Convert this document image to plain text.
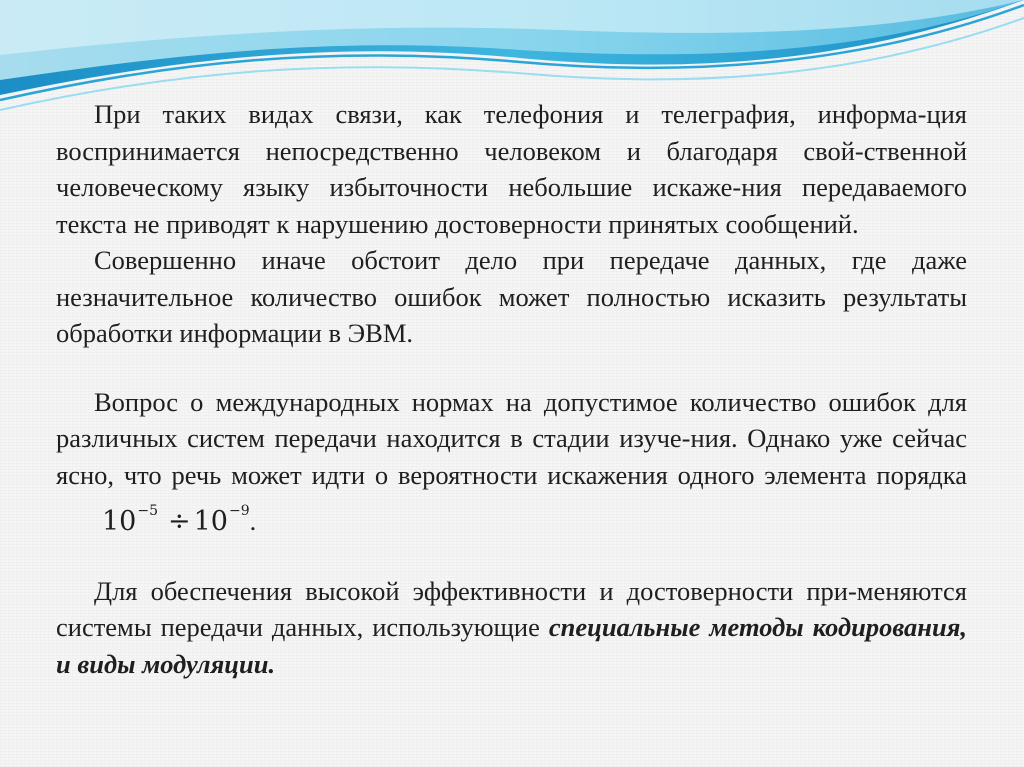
При таких видах связи, как телефония и телеграфия, информа-ция воспринимается непосредственно человеком и благодаря свой-ственной человеческому языку избыточности небольшие искаже-ния передаваемого текста не приводят к нарушению достоверности принятых сообщений.

Совершенно иначе обстоит дело при передаче данных, где даже незначительное количество ошибок может полностью исказить результаты обработки информации в ЭВМ.

Вопрос о международных нормах на допустимое количество ошибок для различных систем передачи находится в стадии изуче-ния. Однако уже сейчас ясно, что речь может идти о вероятности искажения одного элемента $порядка10^{-5} \div 10^{-9}$.

Для обеспечения высокой эффективности и достоверности при-меняются системы передачи данных, использующие специальные методы кодирования, и виды модуляции.
